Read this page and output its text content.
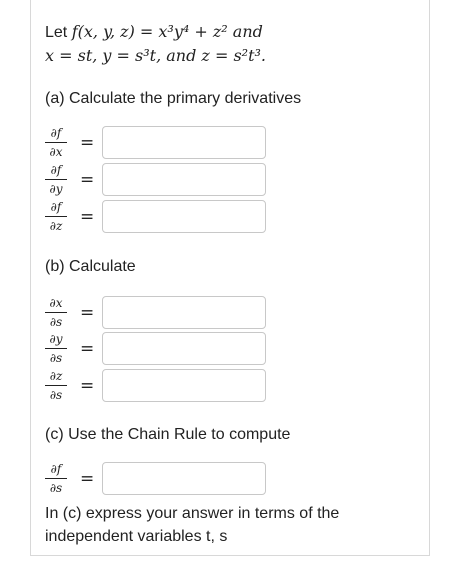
Let f(x, y, z) = x³y⁴ + z² and
x = st, y = s³t, and z = s²t³.
(a) Calculate the primary derivatives
∂f
∂x =
∂f
∂y =
∂f
∂z =
(b) Calculate
∂x
∂s =
∂y
∂s =
∂z
∂s =
(c) Use the Chain Rule to compute
∂f
∂s =
In (c) express your answer in terms of the independent variables t, s
